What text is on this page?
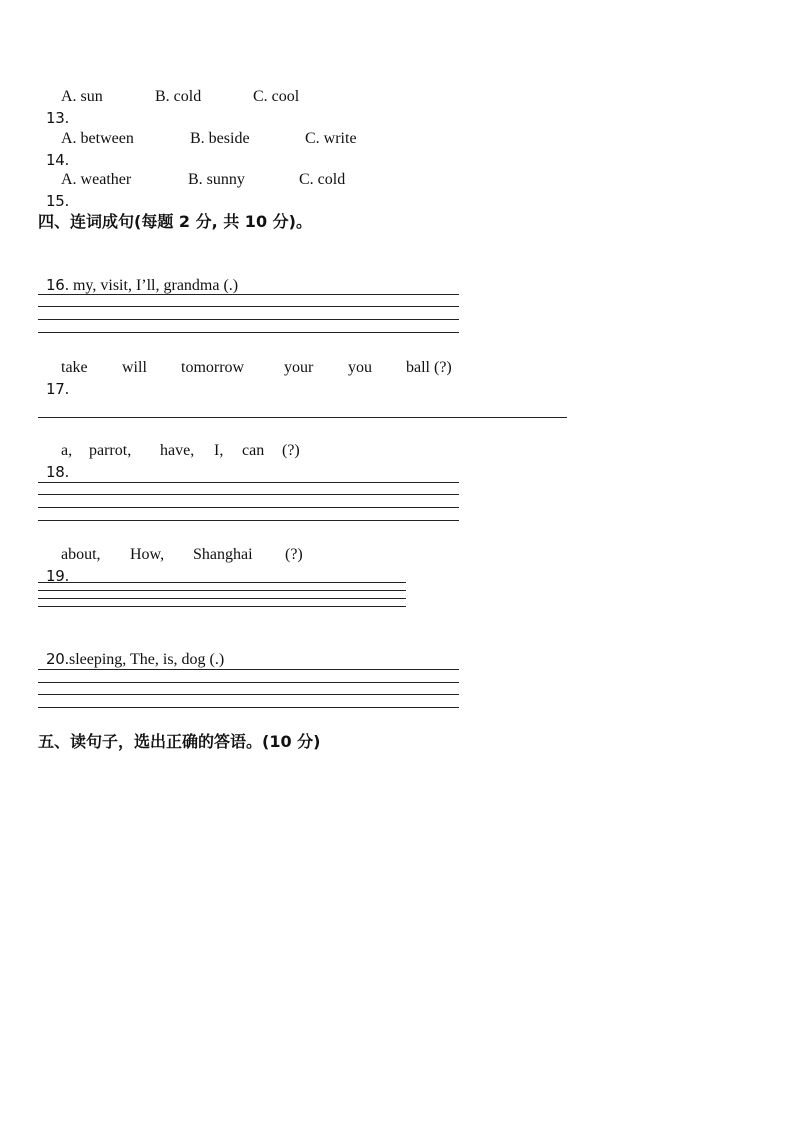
13.

A. sun	B. cold	C. cool

14.

A. between	B. beside	C. write

15.

A. weather	B. sunny	C. cold
四、连词成句(每题 2 分, 共 10 分)。

16. my, visit, I’ll, grandma (.)

17.

take will tomorrow your you ball (?)

18.

a, parrot, have, I, can (?)

19.

about, How, Shanghai (?)

20.sleeping, The, is, dog (.)

五、读句子，选出正确的答语。(10 分)
